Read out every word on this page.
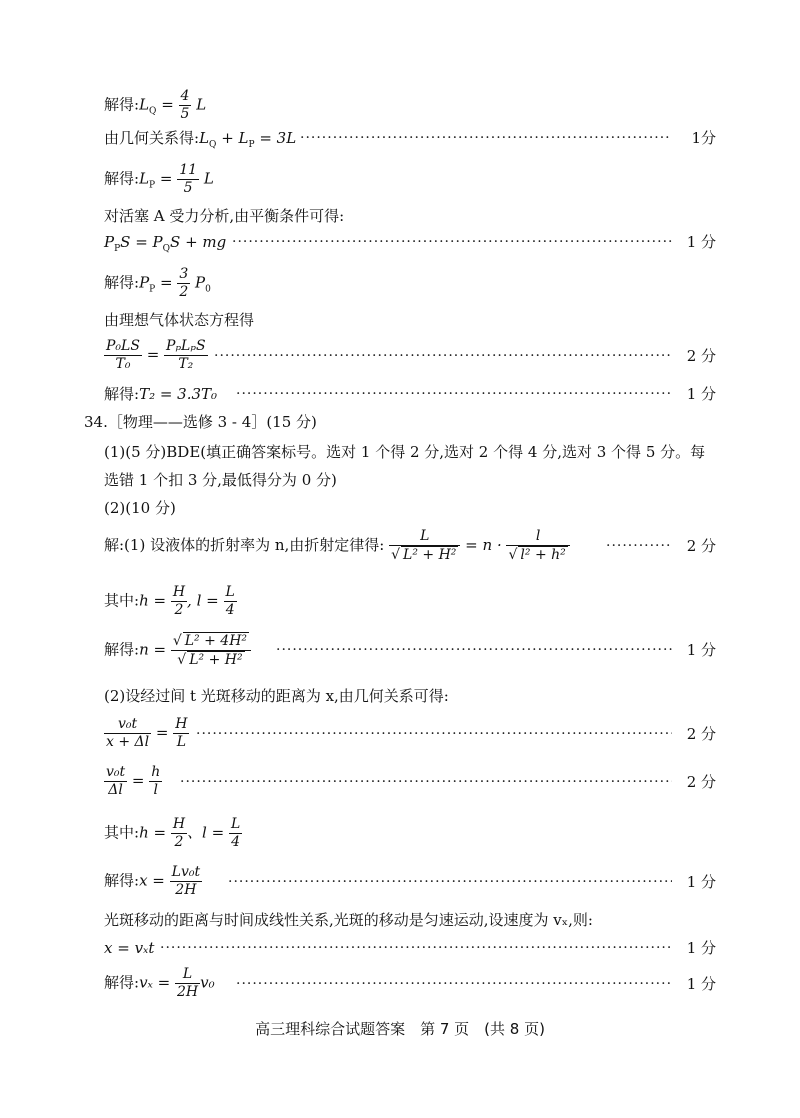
解得$:L_Q = \frac{4}{5}$ L
由几何关系得$:L_Q + L_P = 3L$ ·····	1分
解得$:L_P = \frac{11}{5}$ L
对活塞 A 受力分析,由平衡条件可得:
$P_PS = P_QS$ + mg ·····	1 分
解得$:P_P = \frac{3}{2} P_0$
由理想气体状态方程得
$\frac{\text{P₀LS}}{\text{T₀}} = \frac{\text{PₚLₚS}}{\text{T₂}}$ ·····	2 分
解得:T₂ = 3.3T₀ ·····	1 分
34.［物理——选修 3 - 4］(15 分)
(1)(5 分)BDE(填正确答案标号。选对 1 个得 2 分,选对 2 个得 4 分,选对 3 个得 5 分。每
选错 1 个扣 3 分,最低得分为 0 分)
(2)(10 分)
解:(1) 设液体的折射率为 n,由折射定律得: $\frac{L}{\text{√ L² + H²}} = n \cdot \frac{l}{\text{√ l² + h²}}$ ·····	2 分
其中:h = $\frac{H}{2}$ , $l = \frac{L}{4}$
解得:n = $\frac{\text{√ L² + 4H²}}{\text{√ L² + H²}}$ ·····	1 分
(2)设经过间 t 光斑移动的距离为 x,由几何关系可得:
$\frac{\text{v₀t}}{x + \Delta l} = \frac{H}{L}$ ·····	2 分
$\frac{\text{v₀t}}{\Delta l} = \frac{h}{l}$ ·····	2 分
其中:h = $\frac{H}{2}$ 、$l = \frac{L}{4}$
解得:x = $\frac{\text{Lv₀t}}{2H}$ ·····	1 分
光斑移动的距离与时间成线性关系,光斑的移动是匀速运动,设速度为 vₓ,则:
x = vₓt ·····	1 分
解得:vₓ = $\frac{L}{2H} v_0$ ·····	1 分
高三理科综合试题答案　第 7 页　(共 8 页)
